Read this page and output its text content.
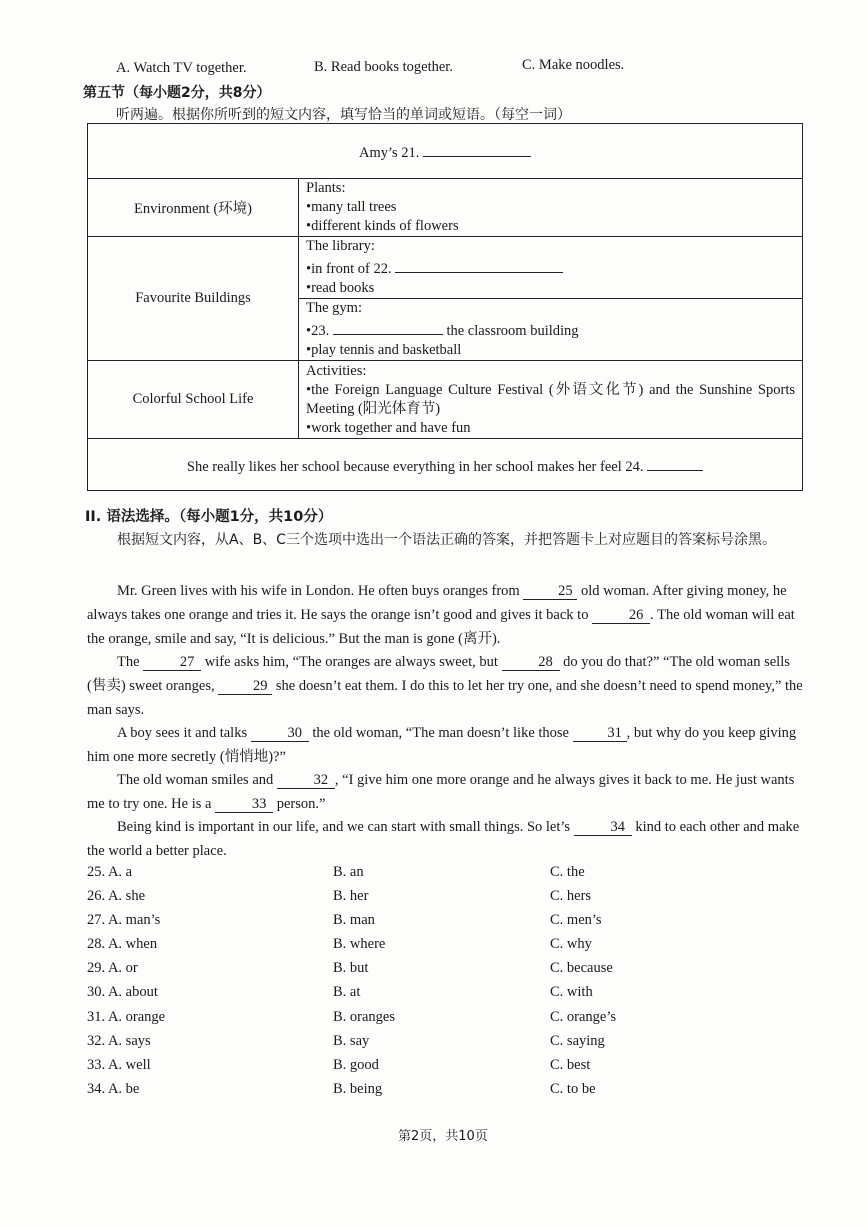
A. Watch TV together.	B. Read books together.	C. Make noodles.
第五节（每小题2分，共8分）
听两遍。根据你所听到的短文内容，填写恰当的单词或短语。（每空一词）
Amy’s 21.	
Environment (环境)	Plants:
•many tall trees
•different kinds of flowers

Favourite Buildings	The library:
•in front of 22.
•read books

	The gym:
•23. the classroom building
•play tennis and basketball

Colorful School Life	Activities:
•the Foreign Language Culture Festival (外语文化节) and the Sunshine Sports Meeting (阳光体育节)
•work together and have fun

She really likes her school because everything in her school makes her feel 24.	
II. 语法选择。（每小题1分，共10分）
根据短文内容，从A、B、C三个选项中选出一个语法正确的答案，并把答题卡上对应题目的答案标号涂黑。
Mr. Green lives with his wife in London. He often buys oranges from 25 old woman. After giving money, he always takes one orange and tries it. He says the orange isn’t good and gives it back to	26 . The old woman will eat the orange, smile and say, “It is delicious.” But the man is gone (离开).
The	27 wife asks him, “The oranges are always sweet, but	28 do you do that?” “The old woman sells (售卖) sweet oranges, 29 she doesn’t eat them. I do this to let her try one, and she doesn’t need to spend money,” the man says.
A boy sees it and talks	30 the old woman, “The man doesn’t like those 31 , but why do you keep giving him one more secretly (悄悄地)?”
The old woman smiles and	32 , “I give him one more orange and he always gives it back to me. He just wants me to try one. He is a	33 person.”
Being kind is important in our life, and we can start with small things. So let’s	34 kind to each other and make the world a better place.
25. A. a	B. an	C. the
26. A. she	B. her	C. hers
27. A. man’s	B. man	C. men’s
28. A. when	B. where	C. why
29. A. or	B. but	C. because
30. A. about	B. at	C. with
31. A. orange	B. oranges	C. orange’s
32. A. says	B. say	C. saying
33. A. well	B. good	C. best
34. A. be	B. being	C. to be
第2页，共10页
